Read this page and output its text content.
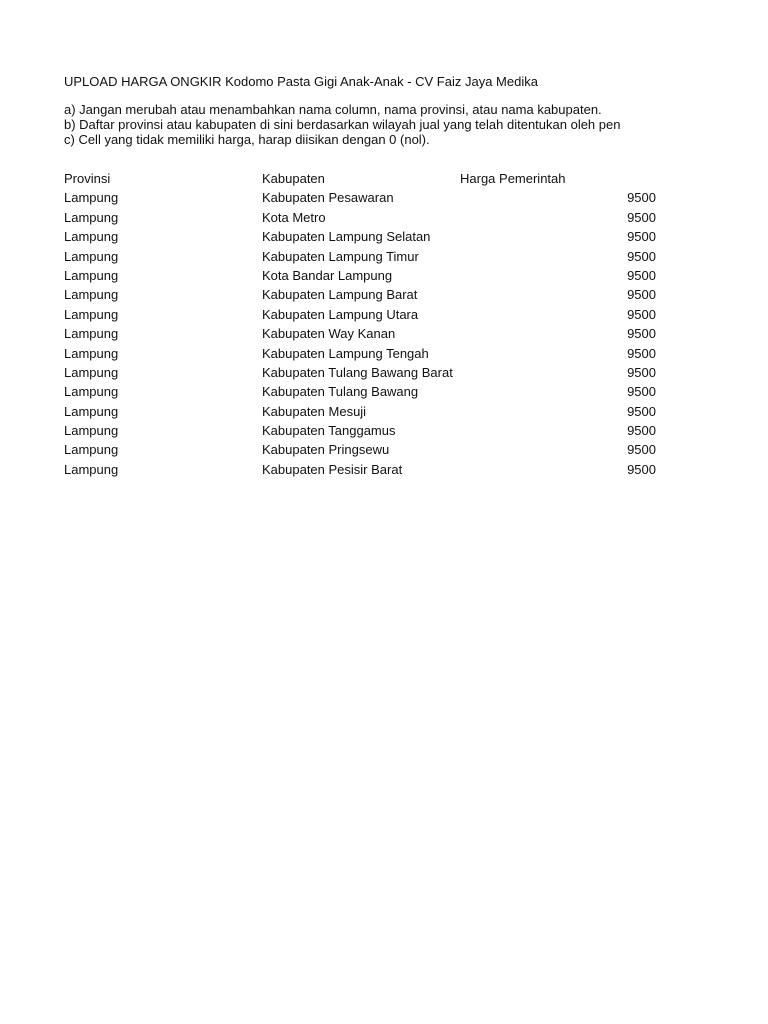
UPLOAD HARGA ONGKIR Kodomo Pasta Gigi Anak-Anak - CV Faiz Jaya Medika
a) Jangan merubah atau menambahkan nama column, nama provinsi, atau nama kabupaten.
b) Daftar provinsi atau kabupaten di sini berdasarkan wilayah jual yang telah ditentukan oleh pen
c) Cell yang tidak memiliki harga, harap diisikan dengan 0 (nol).
Provinsi	Kabupaten	Harga Pemerintah
Lampung	Kabupaten Pesawaran	9500
Lampung	Kota Metro	9500
Lampung	Kabupaten Lampung Selatan	9500
Lampung	Kabupaten Lampung Timur	9500
Lampung	Kota Bandar Lampung	9500
Lampung	Kabupaten Lampung Barat	9500
Lampung	Kabupaten Lampung Utara	9500
Lampung	Kabupaten Way Kanan	9500
Lampung	Kabupaten Lampung Tengah	9500
Lampung	Kabupaten Tulang Bawang Barat	9500
Lampung	Kabupaten Tulang Bawang	9500
Lampung	Kabupaten Mesuji	9500
Lampung	Kabupaten Tanggamus	9500
Lampung	Kabupaten Pringsewu	9500
Lampung	Kabupaten Pesisir Barat	9500
